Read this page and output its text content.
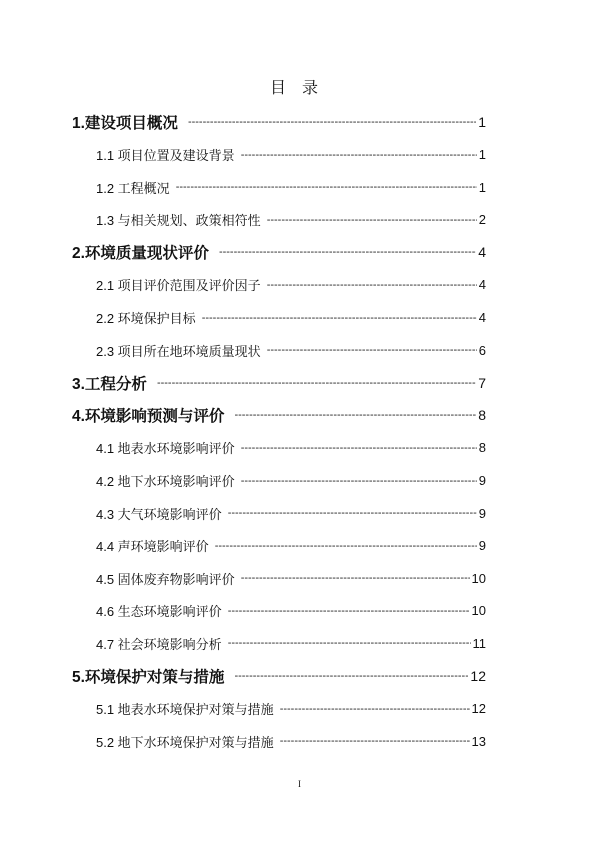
目　录
1.建设项目概况 -----	1
1.1 项目位置及建设背景 -----	1
1.2 工程概况 -----	1
1.3 与相关规划、政策相符性 -----	2
2.环境质量现状评价 -----	4
2.1 项目评价范围及评价因子 -----	4
2.2 环境保护目标 -----	4
2.3 项目所在地环境质量现状 -----	6
3.工程分析 -----	7
4.环境影响预测与评价 -----	8
4.1 地表水环境影响评价 -----	8
4.2 地下水环境影响评价 -----	9
4.3 大气环境影响评价 -----	9
4.4 声环境影响评价 -----	9
4.5 固体废弃物影响评价 -----	10
4.6 生态环境影响评价 -----	10
4.7 社会环境影响分析 -----	11
5.环境保护对策与措施 -----	12
5.1 地表水环境保护对策与措施 -----	12
5.2 地下水环境保护对策与措施 -----	13
I
